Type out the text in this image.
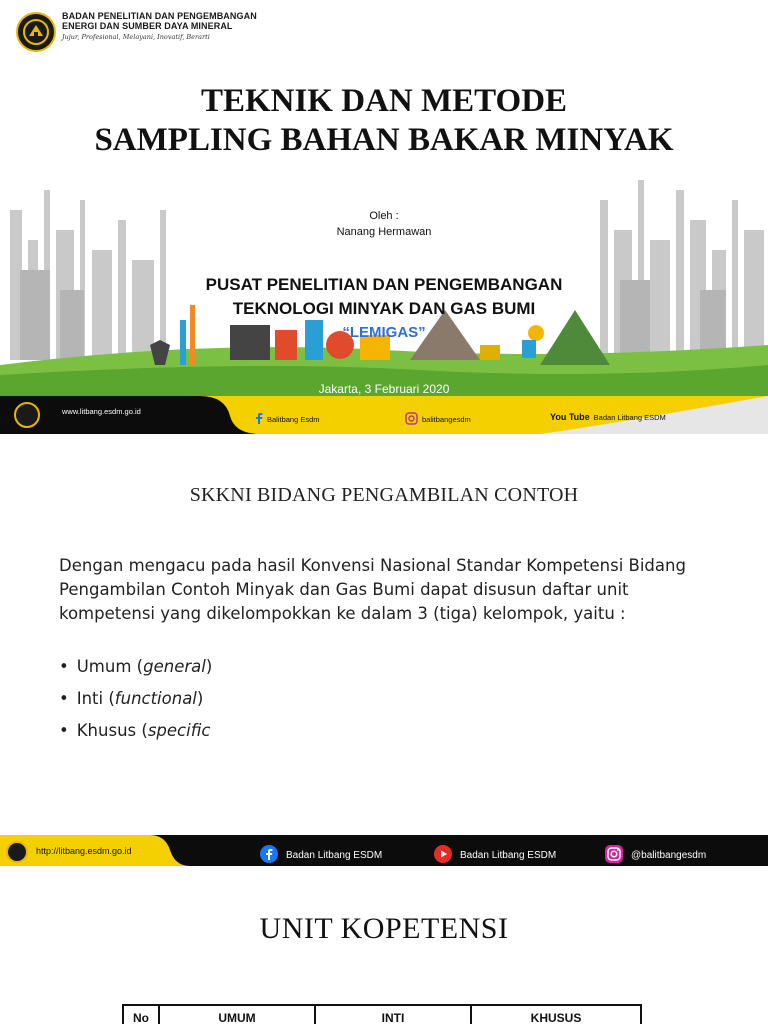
BADAN PENELITIAN DAN PENGEMBANGAN
ENERGI DAN SUMBER DAYA MINERAL
Jujur, Profesional, Melayani, Inovatif, Berarti
TEKNIK DAN METODE
SAMPLING BAHAN BAKAR MINYAK
Oleh :
Nanang Hermawan
PUSAT PENELITIAN DAN PENGEMBANGAN
TEKNOLOGI MINYAK DAN GAS BUMI
“LEMIGAS”
Jakarta, 3 Februari 2020
www.litbang.esdm.go.id
Balitbang Esdm	balitbangesdm	You Tube Badan Litbang ESDM
SKKNI BIDANG PENGAMBILAN CONTOH

Dengan mengacu pada hasil Konvensi Nasional Standar Kompetensi Bidang Pengambilan Contoh Minyak dan Gas Bumi dapat disusun daftar unit kompetensi yang dikelompokkan ke dalam 3 (tiga) kelompok, yaitu :

• Umum (general)
• Inti (functional)
• Khusus (specific
http://litbang.esdm.go.id	Badan Litbang ESDM	Badan Litbang ESDM	@balitbangesdm
UNIT KOPETENSI
No	UMUM	INTI	KHUSUS
